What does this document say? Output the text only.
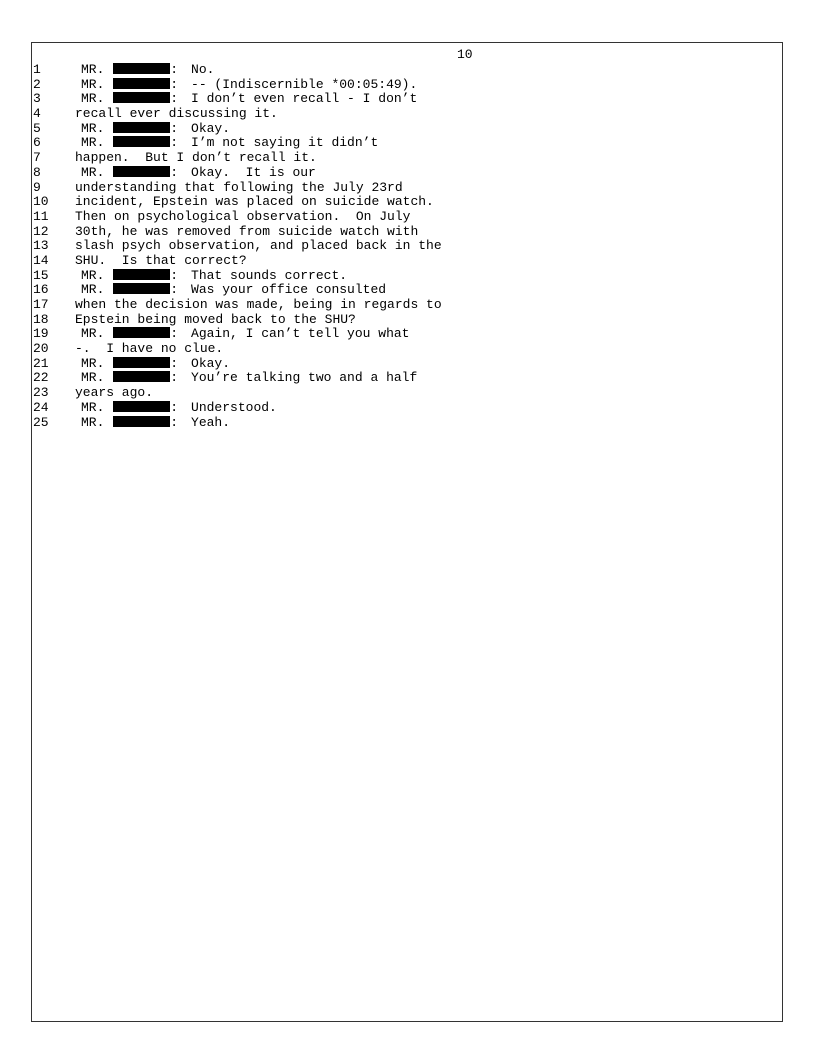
10
1	MR.	: No.
2	MR.	: -- (Indiscernible *00:05:49).
3	MR.	: I don’t even recall - I don’t
4	recall ever discussing it.
5	MR.	: Okay.
6	MR.	: I’m not saying it didn’t
7	happen.  But I don’t recall it.
8	MR.	: Okay.  It is our
9	understanding that following the July 23rd
10	incident, Epstein was placed on suicide watch.
11	Then on psychological observation.  On July
12	30th, he was removed from suicide watch with
13	slash psych observation, and placed back in the
14	SHU.  Is that correct?
15	MR.	: That sounds correct.
16	MR.	: Was your office consulted
17	when the decision was made, being in regards to
18	Epstein being moved back to the SHU?
19	MR.	: Again, I can’t tell you what
20	-.  I have no clue.
21	MR.	: Okay.
22	MR.	: You’re talking two and a half
23	years ago.
24	MR.	: Understood.
25	MR.	: Yeah.
